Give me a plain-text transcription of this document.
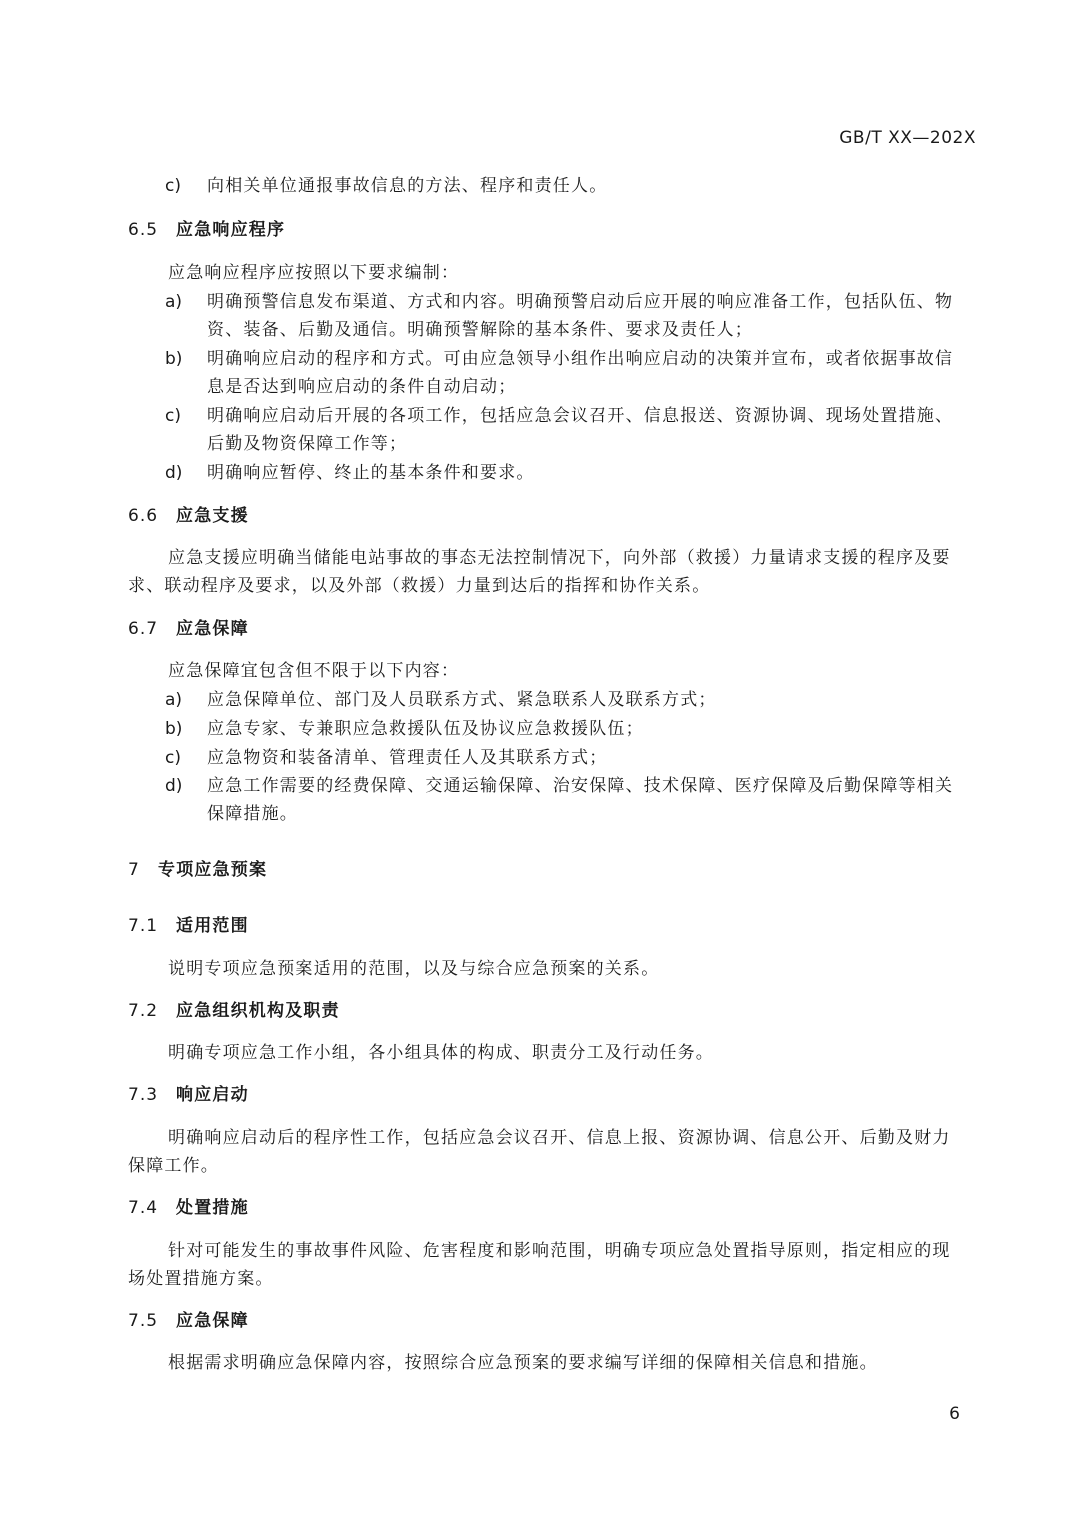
GB/T XX—202X
c) 向相关单位通报事故信息的方法、程序和责任人。
6.5 应急响应程序
应急响应程序应按照以下要求编制：
a) 明确预警信息发布渠道、方式和内容。明确预警启动后应开展的响应准备工作，包括队伍、物
资、装备、后勤及通信。明确预警解除的基本条件、要求及责任人；
b) 明确响应启动的程序和方式。可由应急领导小组作出响应启动的决策并宣布，或者依据事故信
息是否达到响应启动的条件自动启动；
c) 明确响应启动后开展的各项工作，包括应急会议召开、信息报送、资源协调、现场处置措施、
后勤及物资保障工作等；
d) 明确响应暂停、终止的基本条件和要求。
6.6 应急支援
应急支援应明确当储能电站事故的事态无法控制情况下，向外部（救援）力量请求支援的程序及要
求、联动程序及要求，以及外部（救援）力量到达后的指挥和协作关系。
6.7 应急保障
应急保障宜包含但不限于以下内容：
a) 应急保障单位、部门及人员联系方式、紧急联系人及联系方式；
b) 应急专家、专兼职应急救援队伍及协议应急救援队伍；
c) 应急物资和装备清单、管理责任人及其联系方式；
d) 应急工作需要的经费保障、交通运输保障、治安保障、技术保障、医疗保障及后勤保障等相关
保障措施。
7 专项应急预案
7.1 适用范围
说明专项应急预案适用的范围，以及与综合应急预案的关系。
7.2 应急组织机构及职责
明确专项应急工作小组，各小组具体的构成、职责分工及行动任务。
7.3 响应启动
明确响应启动后的程序性工作，包括应急会议召开、信息上报、资源协调、信息公开、后勤及财力
保障工作。
7.4 处置措施
针对可能发生的事故事件风险、危害程度和影响范围，明确专项应急处置指导原则，指定相应的现
场处置措施方案。
7.5 应急保障
根据需求明确应急保障内容，按照综合应急预案的要求编写详细的保障相关信息和措施。
6
